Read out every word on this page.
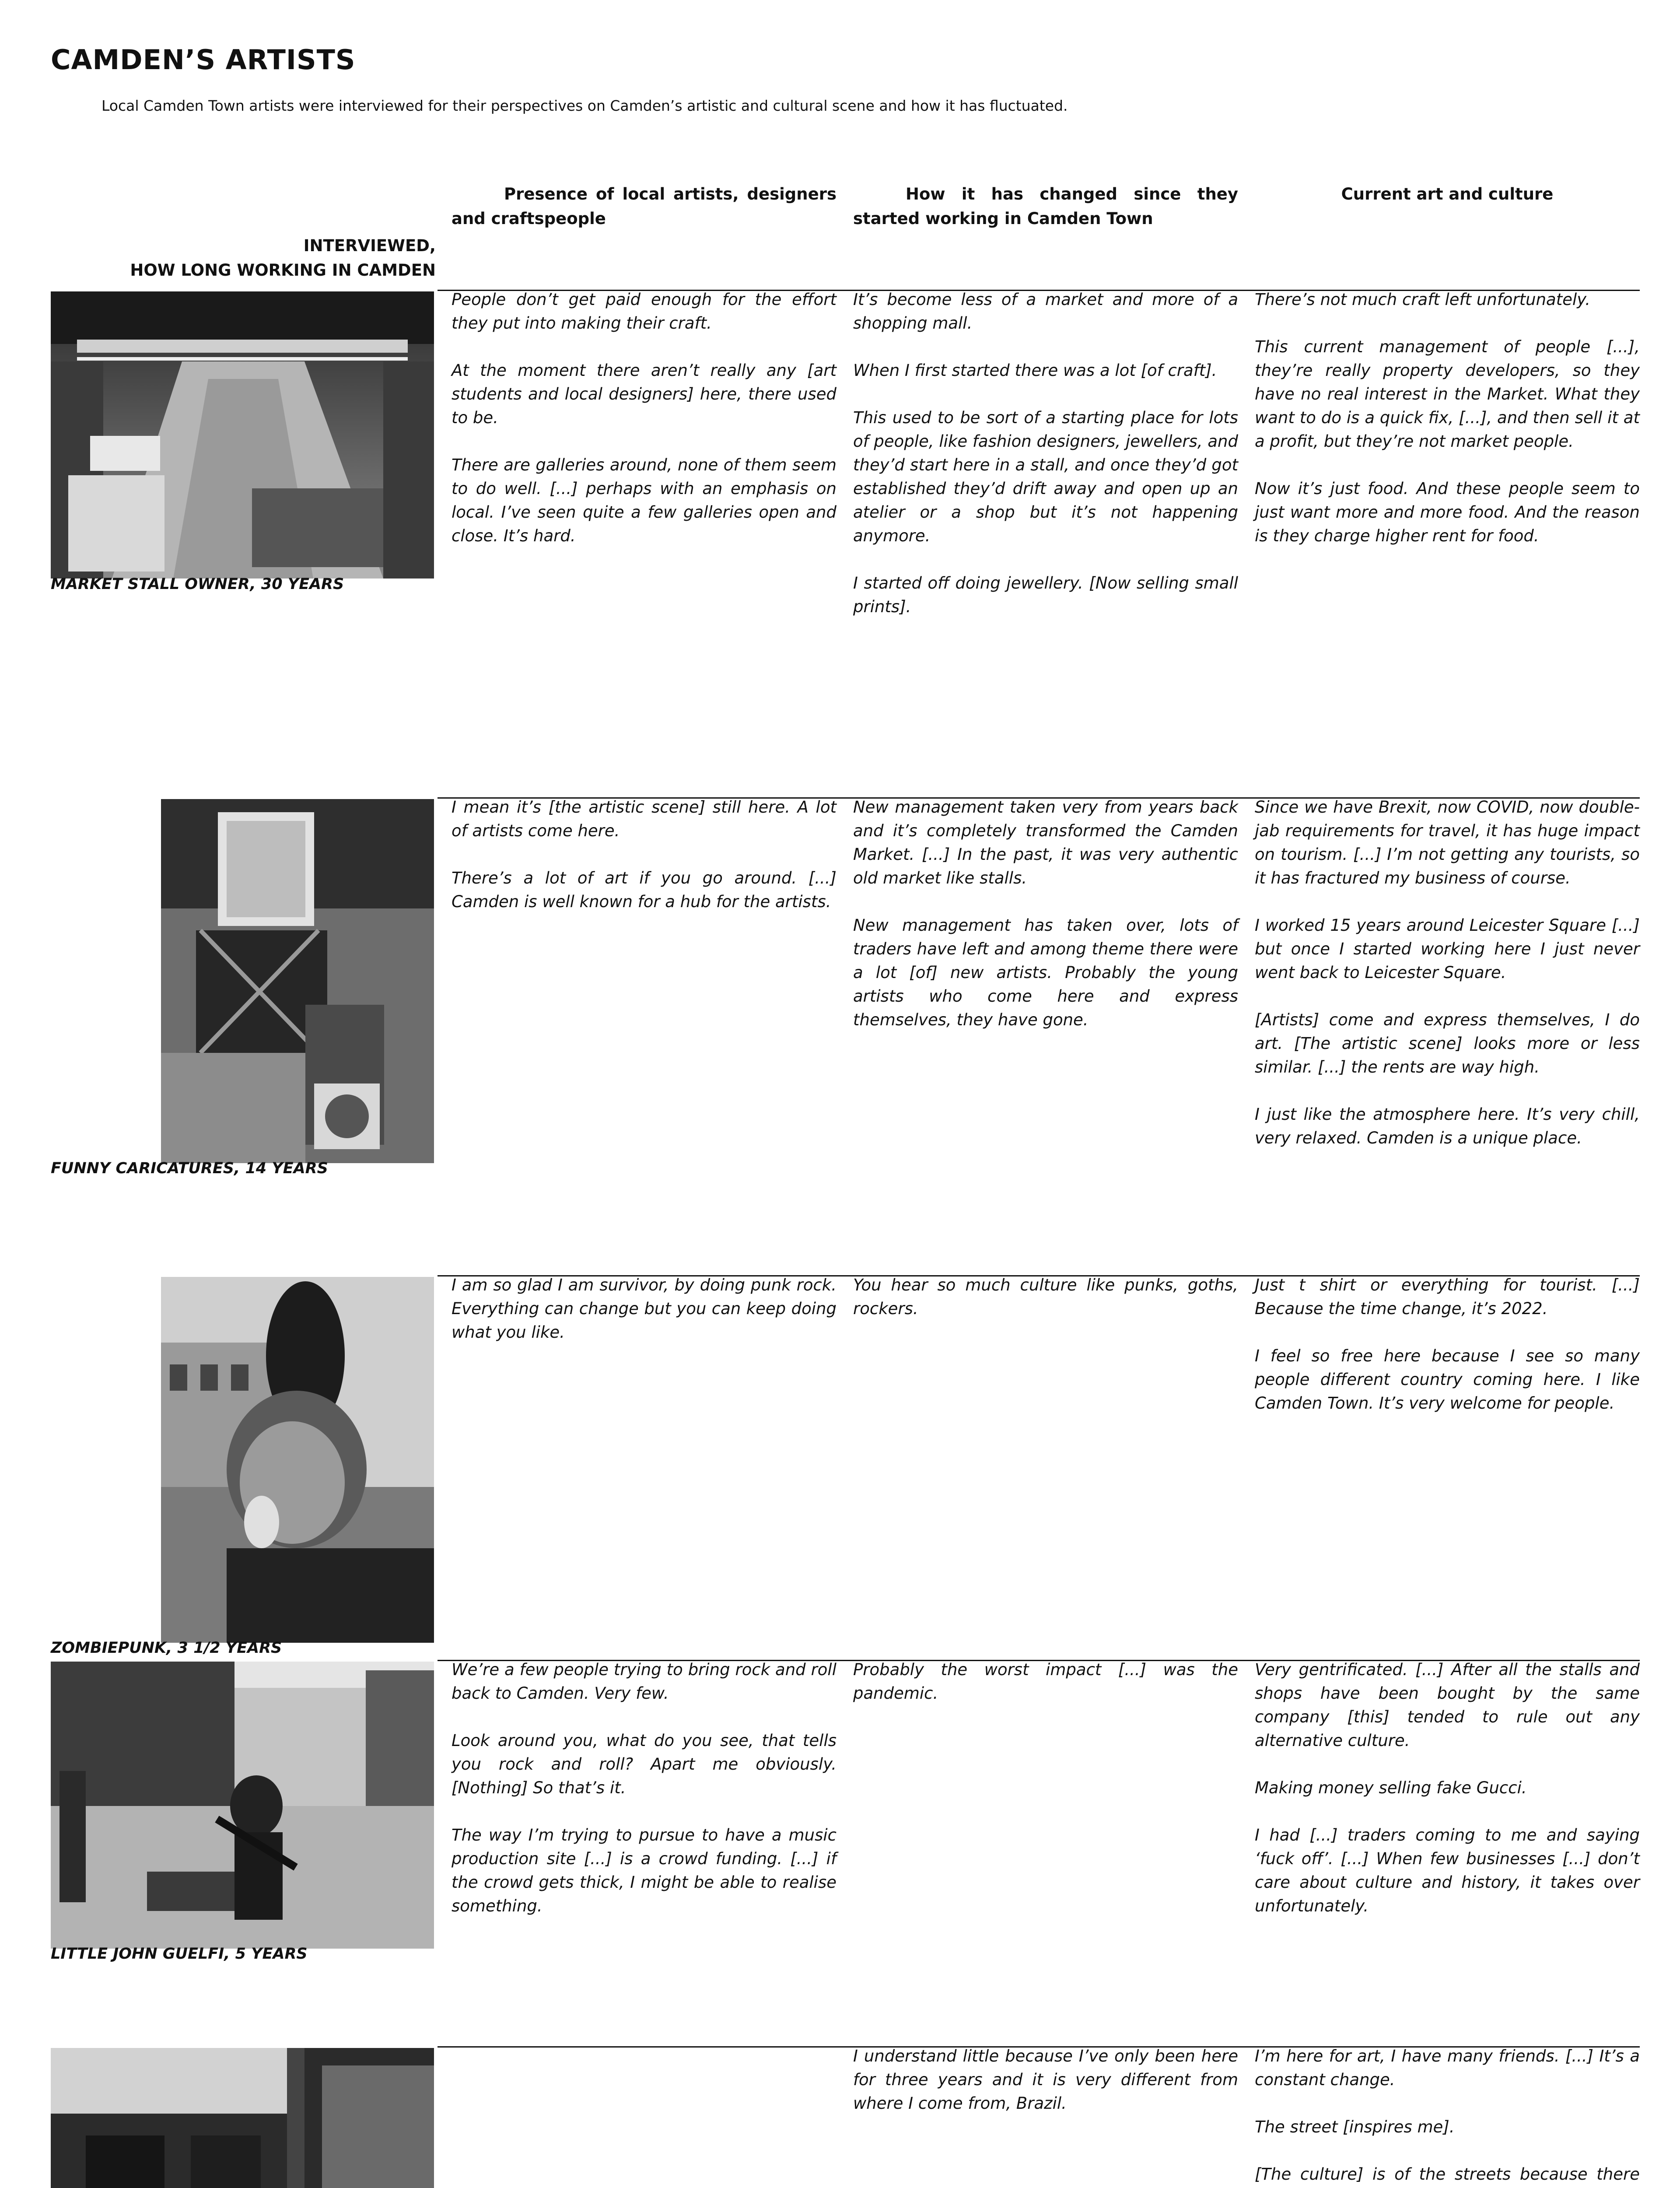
CAMDEN’S ARTISTS

Local Camden Town artists were interviewed for their perspectives on Camden’s artistic and cultural scene and how it has fluctuated.

Presence of local artists, designers and craftspeople
How it has changed since they started working in Camden Town
Current art and culture
INTERVIEWED,
HOW LONG WORKING IN CAMDEN
MARKET STALL OWNER, 30 YEARS

People don’t get paid enough for the effort they put into making their craft.

At the moment there aren’t really any [art students and local designers] here, there used to be.

There are galleries around, none of them seem to do well. [...] perhaps with an emphasis on local. I’ve seen quite a few galleries open and close. It’s hard.

It’s become less of a market and more of a shopping mall.

When I first started there was a lot [of craft].

This used to be sort of a starting place for lots of people, like fashion designers, jewellers, and they’d start here in a stall, and once they’d got established they’d drift away and open up an atelier or a shop but it’s not happening anymore.

I started off doing jewellery. [Now selling small prints].

There’s not much craft left unfortunately.

This current management of people [...], they’re really property developers, so they have no real interest in the Market. What they want to do is a quick fix, [...], and then sell it at a profit, but they’re not market people.

Now it’s just food. And these people seem to just want more and more food. And the reason is they charge higher rent for food.

FUNNY CARICATURES, 14 YEARS

I mean it’s [the artistic scene] still here. A lot of artists come here.

There’s a lot of art if you go around. [...] Camden is well known for a hub for the artists.

New management taken very from years back and it’s completely transformed the Camden Market. [...] In the past, it was very authentic old market like stalls.

New management has taken over, lots of traders have left and among theme there were a lot [of] new artists. Probably the young artists who come here and express themselves, they have gone.

Since we have Brexit, now COVID, now double-jab requirements for travel, it has huge impact on tourism. [...] I’m not getting any tourists, so it has fractured my business of course.

I worked 15 years around Leicester Square [...] but once I started working here I just never went back to Leicester Square.

[Artists] come and express themselves, I do art. [The artistic scene] looks more or less similar. [...] the rents are way high.

I just like the atmosphere here. It’s very chill, very relaxed. Camden is a unique place.

ZOMBIEPUNK, 3 1/2 YEARS

I am so glad I am survivor, by doing punk rock. Everything can change but you can keep doing what you like.

You hear so much culture like punks, goths, rockers.

Just t shirt or everything for tourist. [...] Because the time change, it’s 2022.

I feel so free here because I see so many people different country coming here. I like Camden Town. It’s very welcome for people.

LITTLE JOHN GUELFI, 5 YEARS

We’re a few people trying to bring rock and roll back to Camden. Very few.

Look around you, what do you see, that tells you rock and roll? Apart me obviously. [Nothing] So that’s it.

The way I’m trying to pursue to have a music production site [...] is a crowd funding. [...] if the crowd gets thick, I might be able to realise something.

Probably the worst impact [...] was the pandemic.

Very gentrificated. [...] After all the stalls and shops have been bought by the same company [this] tended to rule out any alternative culture.

Making money selling fake Gucci.

I had [...] traders coming to me and saying ‘fuck off’. [...] When few businesses [...] don’t care about culture and history, it takes over unfortunately.

I understand little because I’ve only been here for three years and it is very different from where I come from, Brazil.

I’m here for art, I have many friends. [...] It’s a constant change.

The street [inspires me].

[The culture] is of the streets because there
